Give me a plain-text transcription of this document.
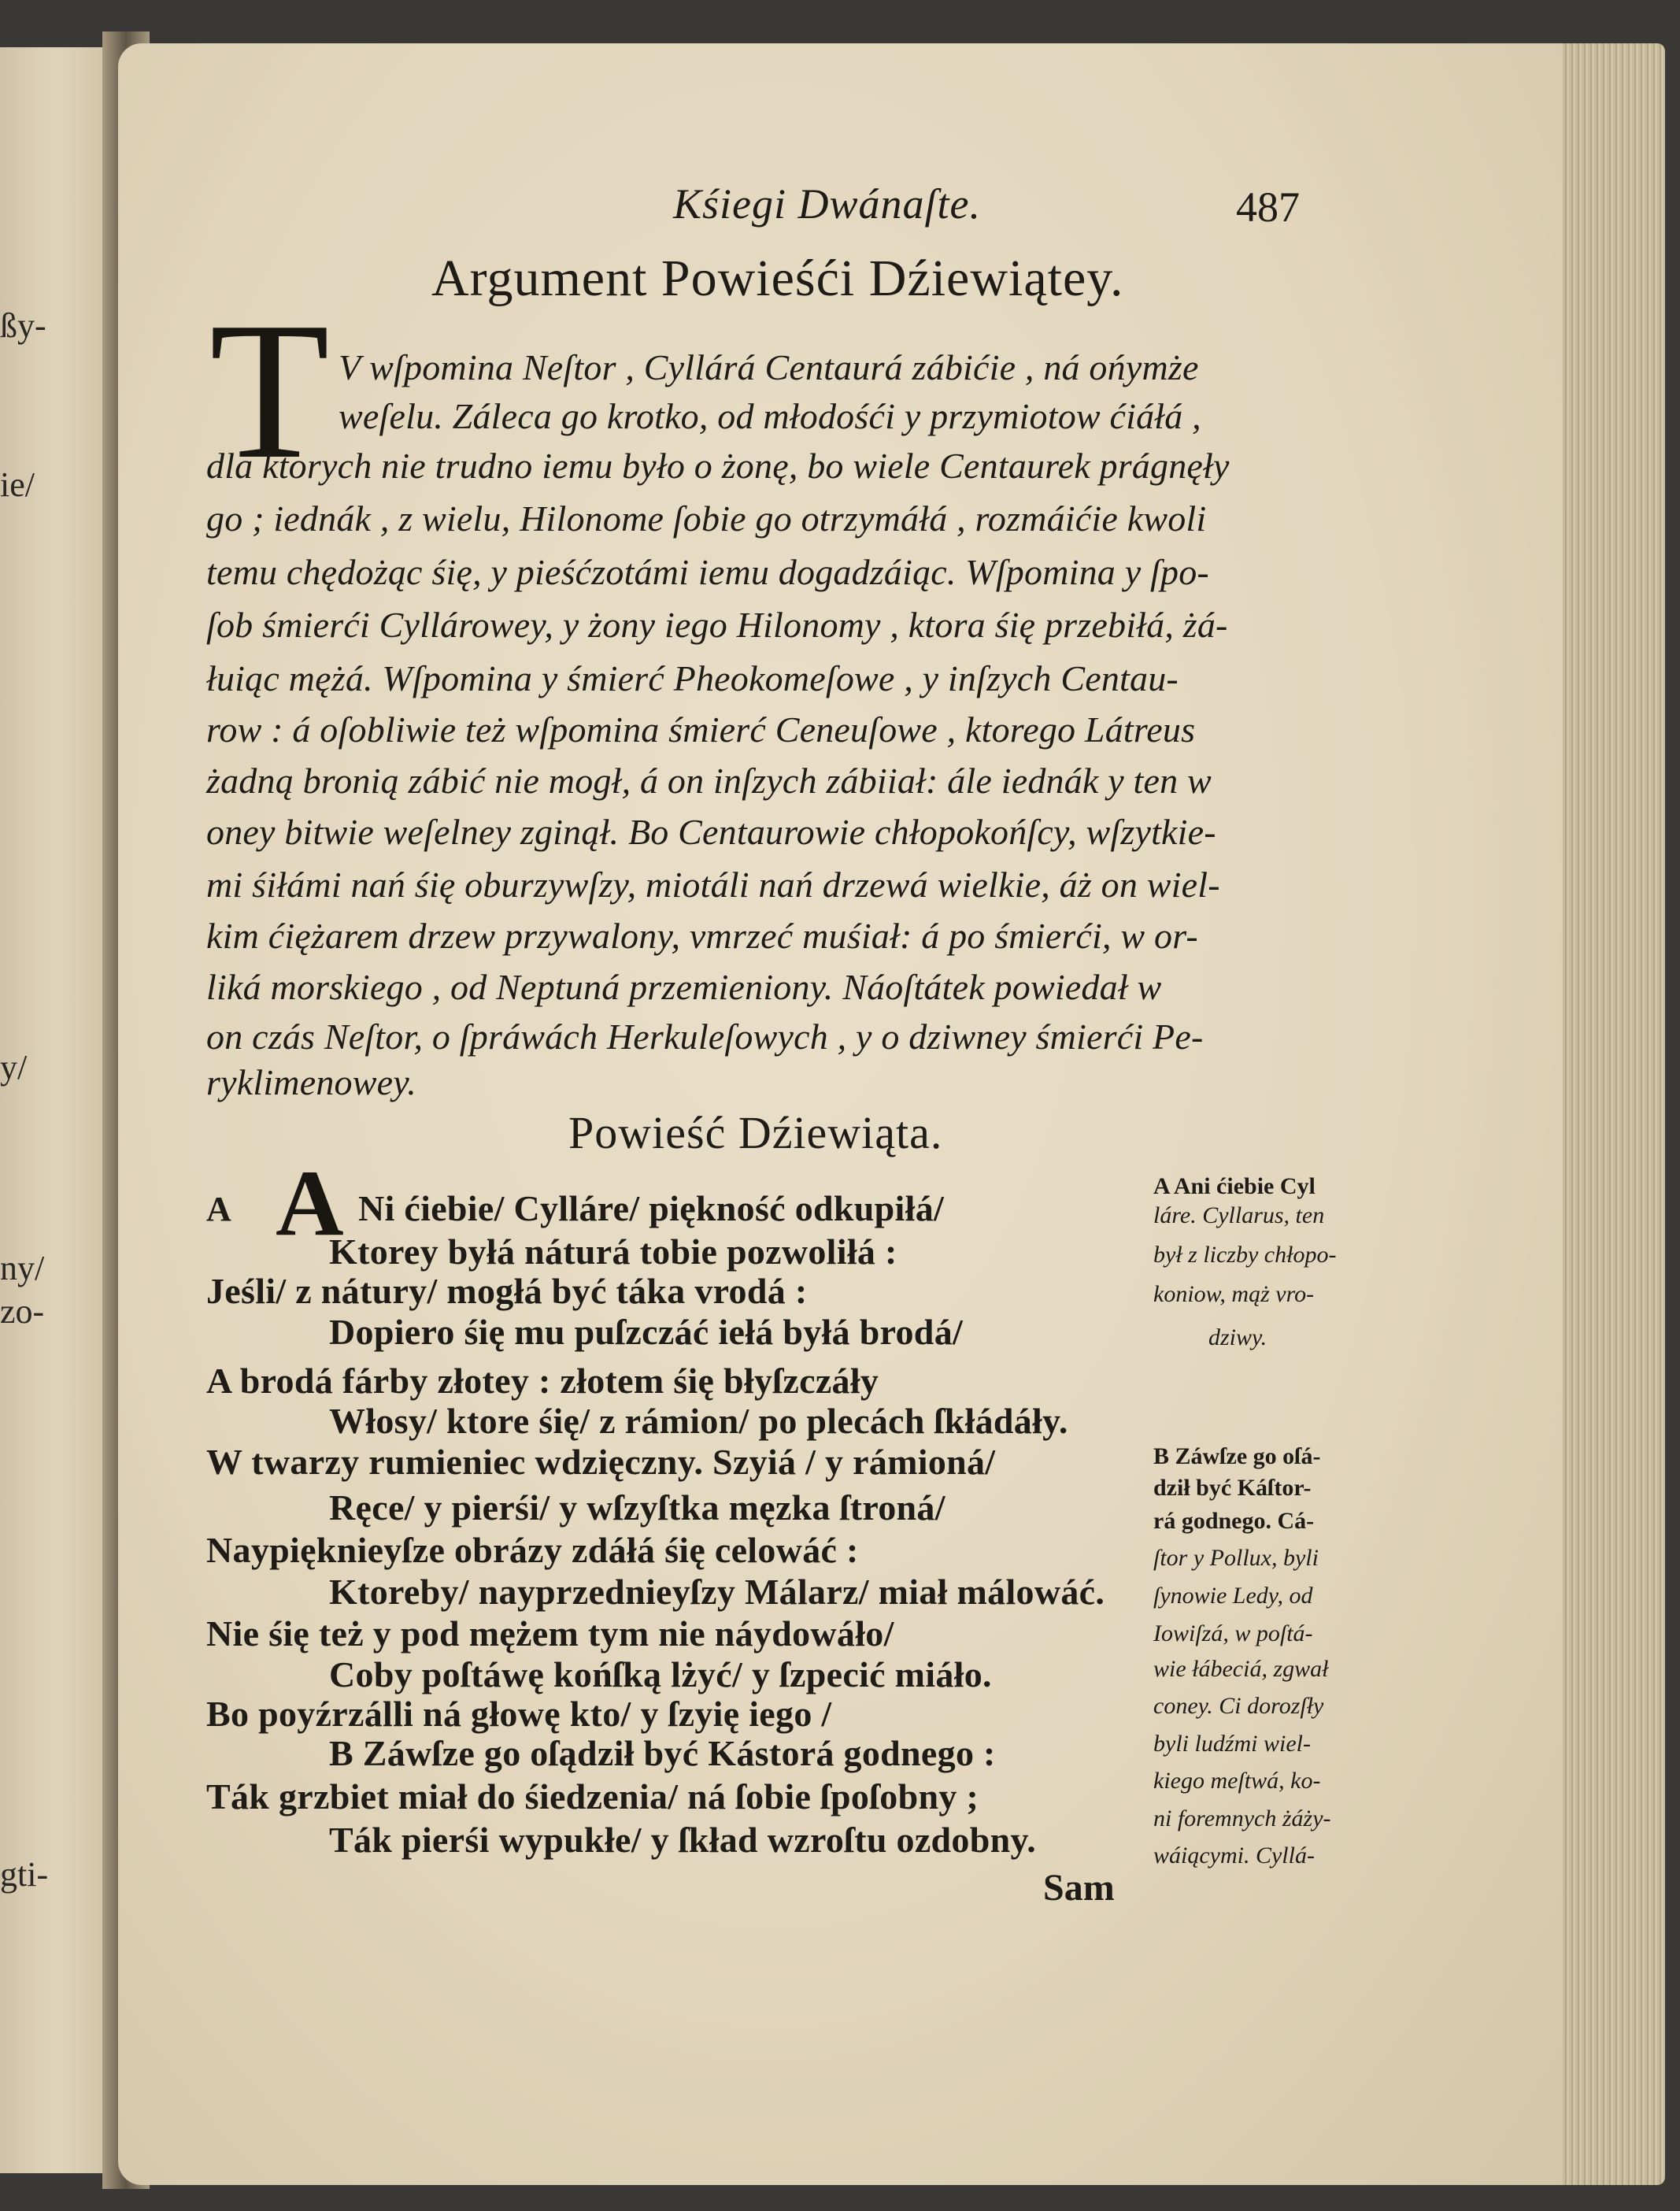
ßy-
ie/
y/
ny/
zo-
gti-
Kśiegi Dwánaſte.	487
Argument Powieśći Dźiewiątey.
T V wſpomina Neſtor , Cyllárá Centaurá zábićie , ná ońymże
weſelu. Záleca go krotko, od młodośći y przymiotow ćiáłá ,
dla ktorych nie trudno iemu było o żonę, bo wiele Centaurek prágnęły
go ; iednák , z wielu, Hilonome ſobie go otrzymáłá , rozmáićie kwoli
temu chędożąc śię, y pieśćzotámi iemu dogadzáiąc. Wſpomina y ſpo-
ſob śmierći Cyllárowey, y żony iego Hilonomy , ktora śię przebiłá, żá-
łuiąc mężá. Wſpomina y śmierć Pheokomeſowe , y inſzych Centau-
row : á oſobliwie też wſpomina śmierć Ceneuſowe , ktorego Látreus
żadną bronią zábić nie mogł, á on inſzych zábiiał: ále iednák y ten w
oney bitwie weſelney zginął. Bo Centaurowie chłopokońſcy, wſzytkie-
mi śiłámi nań śię oburzywſzy, miotáli nań drzewá wielkie, áż on wiel-
kim ćiężarem drzew przywalony, vmrzeć muśiał: á po śmierći, w or-
liká morskiego , od Neptuná przemieniony. Náoſtátek powiedał w
on czás Neſtor, o ſpráwách Herkuleſowych , y o dziwney śmierći Pe-
ryklimenowey.
Powieść Dźiewiąta.
A A Ni ćiebie/ Cylláre/ piękność odkupiłá/
Ktorey byłá náturá tobie pozwoliłá :
Jeśli/ z nátury/ mogłá być táka vrodá :
Dopiero śię mu puſzczáć iełá byłá brodá/
A brodá fárby złotey : złotem śię błyſzczáły
Włosy/ ktore śię/ z rámion/ po plecách ſkłádáły.
W twarzy rumieniec wdzięczny. Szyiá / y rámioná/
Ręce/ y pierśi/ y wſzyſtka męzka ſtroná/
Naypięknieyſze obrázy zdáłá śię celowáć :
Ktoreby/ nayprzednieyſzy Málarz/ miał málowáć.
Nie śię też y pod mężem tym nie náydowáło/
Coby poſtáwę końſką lżyć/ y ſzpecić miáło.
Bo poyźrzálli ná głowę kto/ y ſzyię iego /
B Záwſze go oſądził być Kástorá godnego :
Ták grzbiet miał do śiedzenia/ ná ſobie ſpoſobny ;
Ták pierśi wypukłe/ y ſkład wzroſtu ozdobny.
A Ani ćiebie Cyl
láre. Cyllarus, ten
był z liczby chłopo-
koniow, mąż vro-
dziwy.
B Záwſze go oſá-
dził być Káſtor-
rá godnego. Cá-
ſtor y Pollux, byli
ſynowie Ledy, od
Iowiſzá, w poſtá-
wie łábeciá, zgwał
coney. Ci dorozſły
byli ludźmi wiel-
kiego meſtwá, ko-
ni foremnych żáży-
wáiącymi. Cyllá-
Sam
